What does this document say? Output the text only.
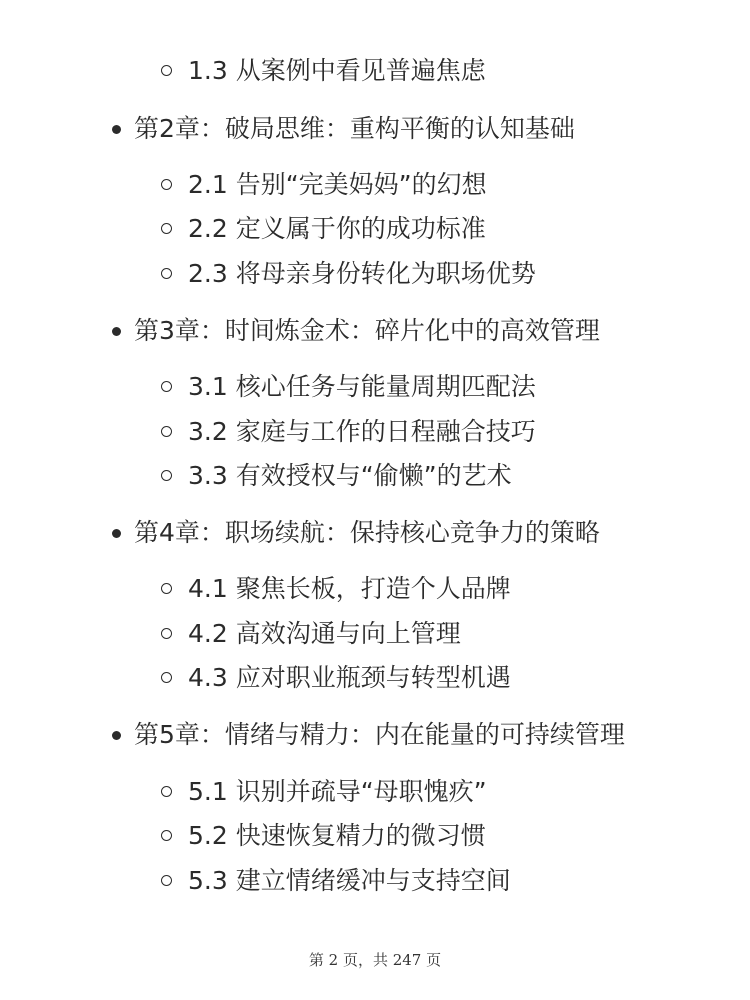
1.3 从案例中看见普遍焦虑
第2章：破局思维：重构平衡的认知基础
2.1 告别“完美妈妈”的幻想
2.2 定义属于你的成功标准
2.3 将母亲身份转化为职场优势
第3章：时间炼金术：碎片化中的高效管理
3.1 核心任务与能量周期匹配法
3.2 家庭与工作的日程融合技巧
3.3 有效授权与“偷懒”的艺术
第4章：职场续航：保持核心竞争力的策略
4.1 聚焦长板，打造个人品牌
4.2 高效沟通与向上管理
4.3 应对职业瓶颈与转型机遇
第5章：情绪与精力：内在能量的可持续管理
5.1 识别并疏导“母职愧疚”
5.2 快速恢复精力的微习惯
5.3 建立情绪缓冲与支持空间
第 2 页，共 247 页
